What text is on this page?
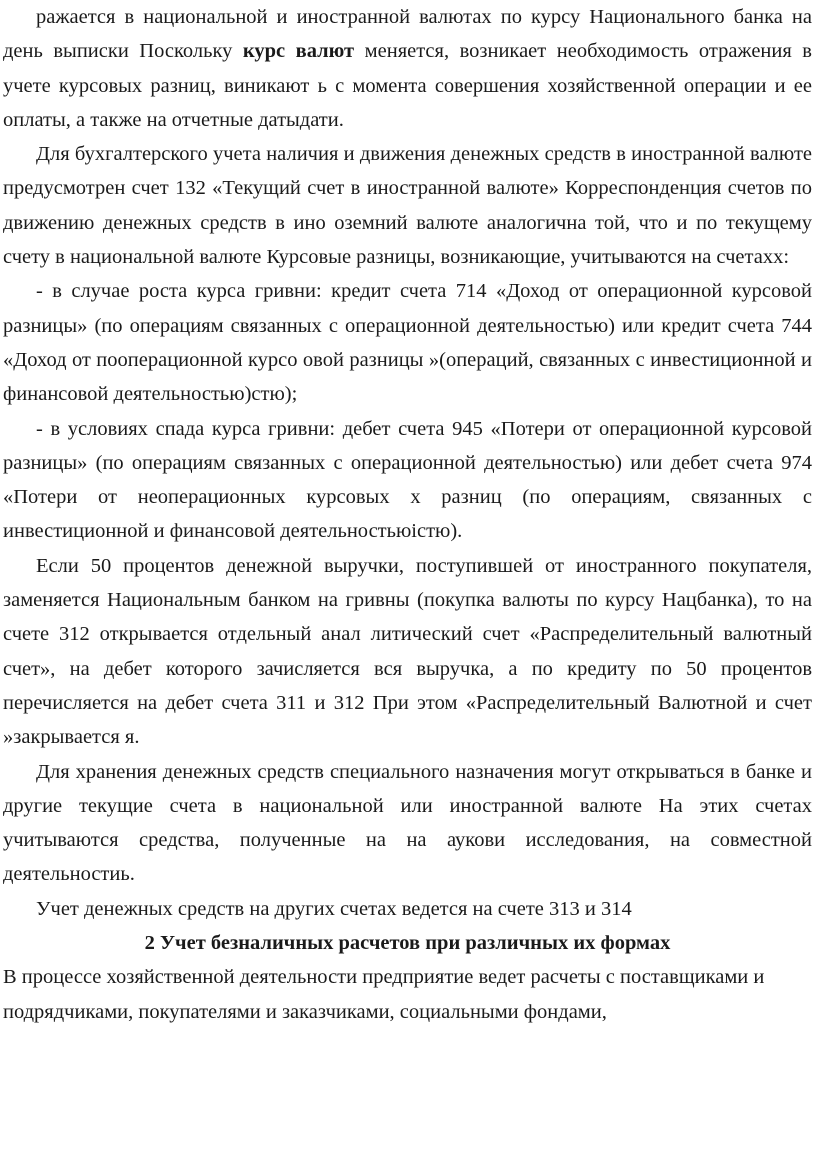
ражается в национальной и иностранной валютах по курсу Национального банка на день выписки Поскольку курс валют меняется, возникает необходимость отражения в учете курсовых разниц, виникают ь с момента совершения хозяйственной операции и ее оплаты, а также на отчетные датыдати.

Для бухгалтерского учета наличия и движения денежных средств в иностранной валюте предусмотрен счет 132 «Текущий счет в иностранной валюте» Корреспонденция счетов по движению денежных средств в ино оземний валюте аналогична той, что и по текущему счету в национальной валюте Курсовые разницы, возникающие, учитываются на счетахх:

- в случае роста курса гривни: кредит счета 714 «Доход от операционной курсовой разницы» (по операциям связанных с операционной деятельностью) или кредит счета 744 «Доход от пооперационной курсо овой разницы »(операций, связанных с инвестиционной и финансовой деятельностью)стю);

- в условиях спада курса гривни: дебет счета 945 «Потери от операционной курсовой разницы» (по операциям связанных с операционной деятельностью) или дебет счета 974 «Потери от неоперационных курсовых х разниц (по операциям, связанных с инвестиционной и финансовой деятельностьюістю).

Если 50 процентов денежной выручки, поступившей от иностранного покупателя, заменяется Национальным банком на гривны (покупка валюты по курсу Нацбанка), то на счете 312 открывается отдельный анал литический счет «Распределительный валютный счет», на дебет которого зачисляется вся выручка, а по кредиту по 50 процентов перечисляется на дебет счета 311 и 312 При этом «Распределительный Валютной и счет »закрывается я.

Для хранения денежных средств специального назначения могут открываться в банке и другие текущие счета в национальной или иностранной валюте На этих счетах учитываются средства, полученные на на аукови исследования, на совместной деятельностиь.

Учет денежных средств на других счетах ведется на счете 313 и 314

2 Учет безналичных расчетов при различных их формах

В процессе хозяйственной деятельности предприятие ведет расчеты с поставщиками и подрядчиками, покупателями и заказчиками, социальными фондами,
